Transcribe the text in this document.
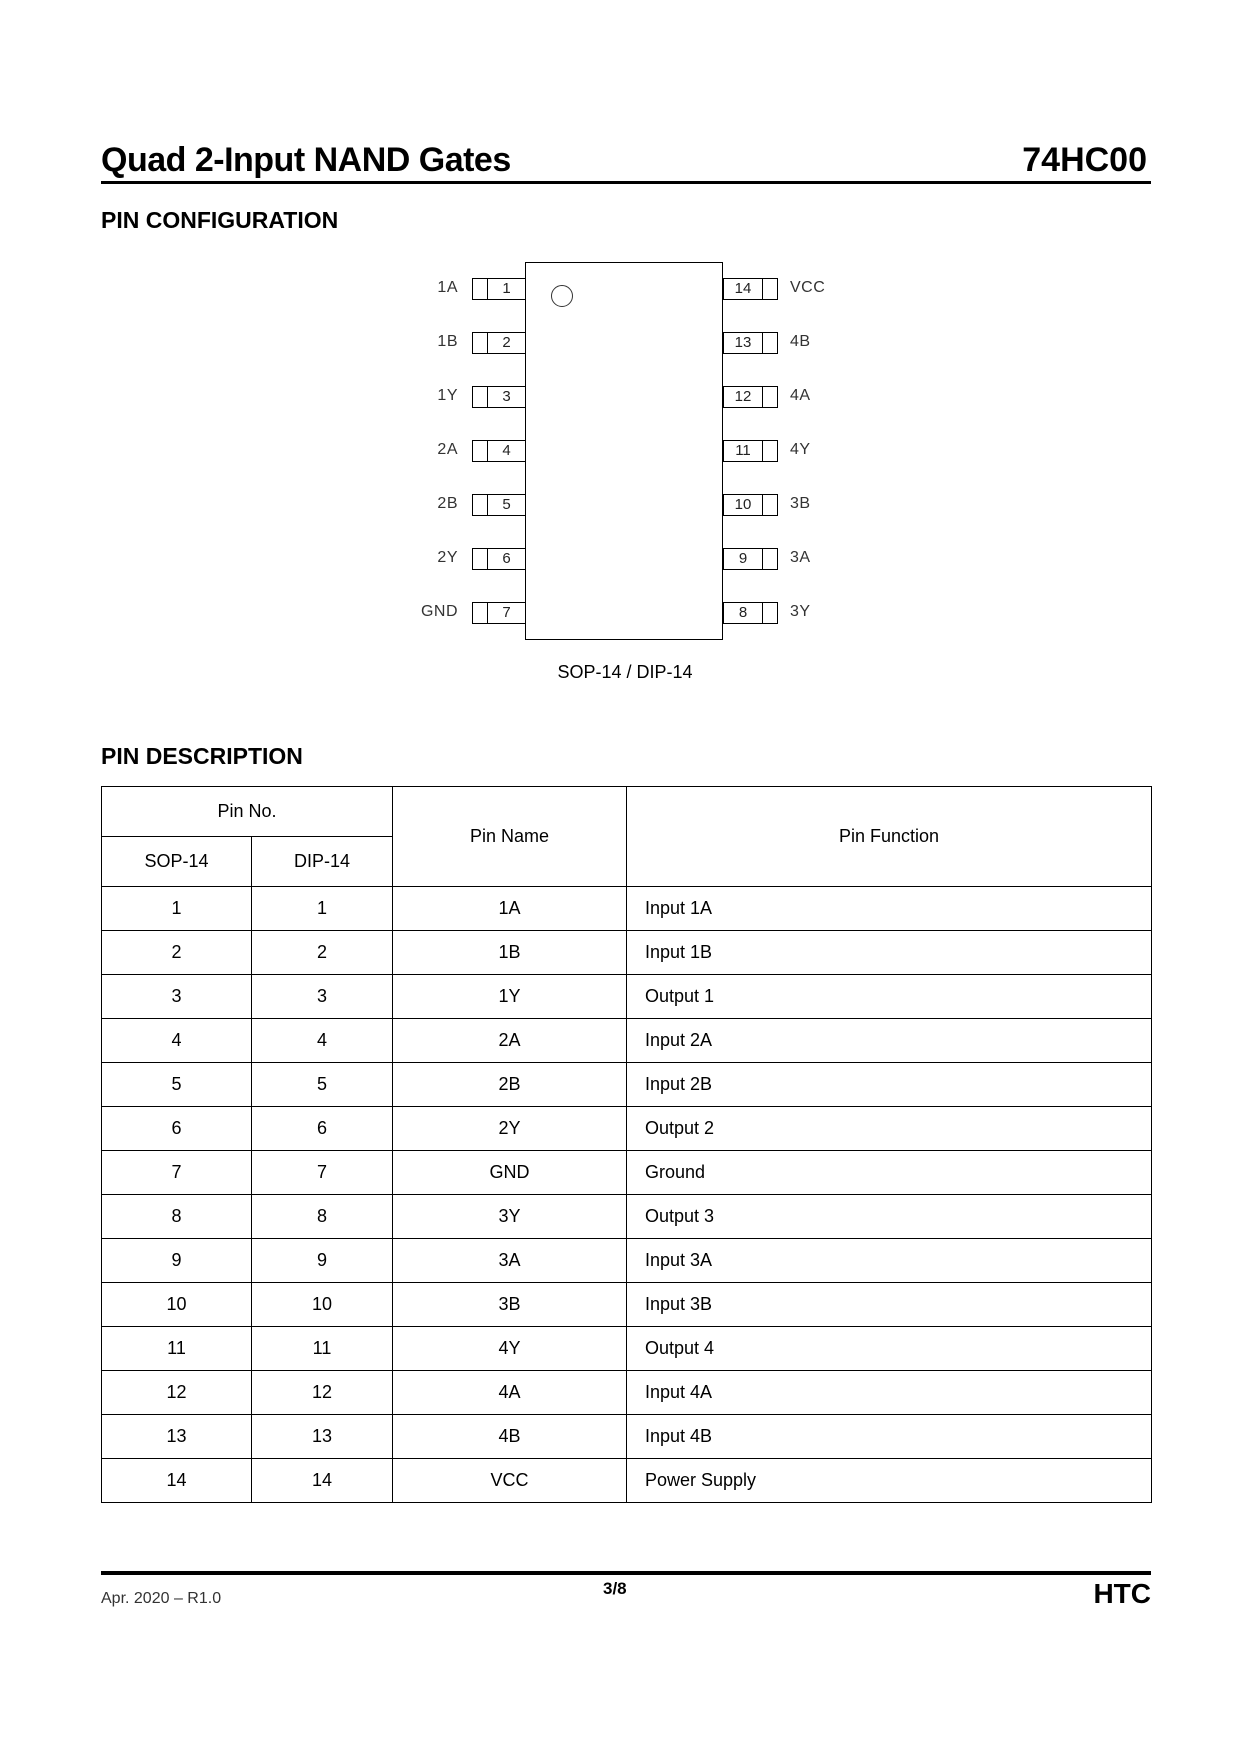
Quad 2-Input NAND Gates	74HC00
PIN CONFIGURATION
1A	1
1B	2
1Y	3
2A	4
2B	5
2Y	6
GND	7
14	VCC
13	4B
12	4A
11	4Y
10	3B
9	3A
8	3Y
SOP-14 / DIP-14
PIN DESCRIPTION
Pin No.		Pin Name	Pin Function
SOP-14	DIP-14		
1	1	1A	Input 1A
2	2	1B	Input 1B
3	3	1Y	Output 1
4	4	2A	Input 2A
5	5	2B	Input 2B
6	6	2Y	Output 2
7	7	GND	Ground
8	8	3Y	Output 3
9	9	3A	Input 3A
10	10	3B	Input 3B
11	11	4Y	Output 4
12	12	4A	Input 4A
13	13	4B	Input 4B
14	14	VCC	Power Supply
Apr. 2020 – R1.0
3/8	HTC
